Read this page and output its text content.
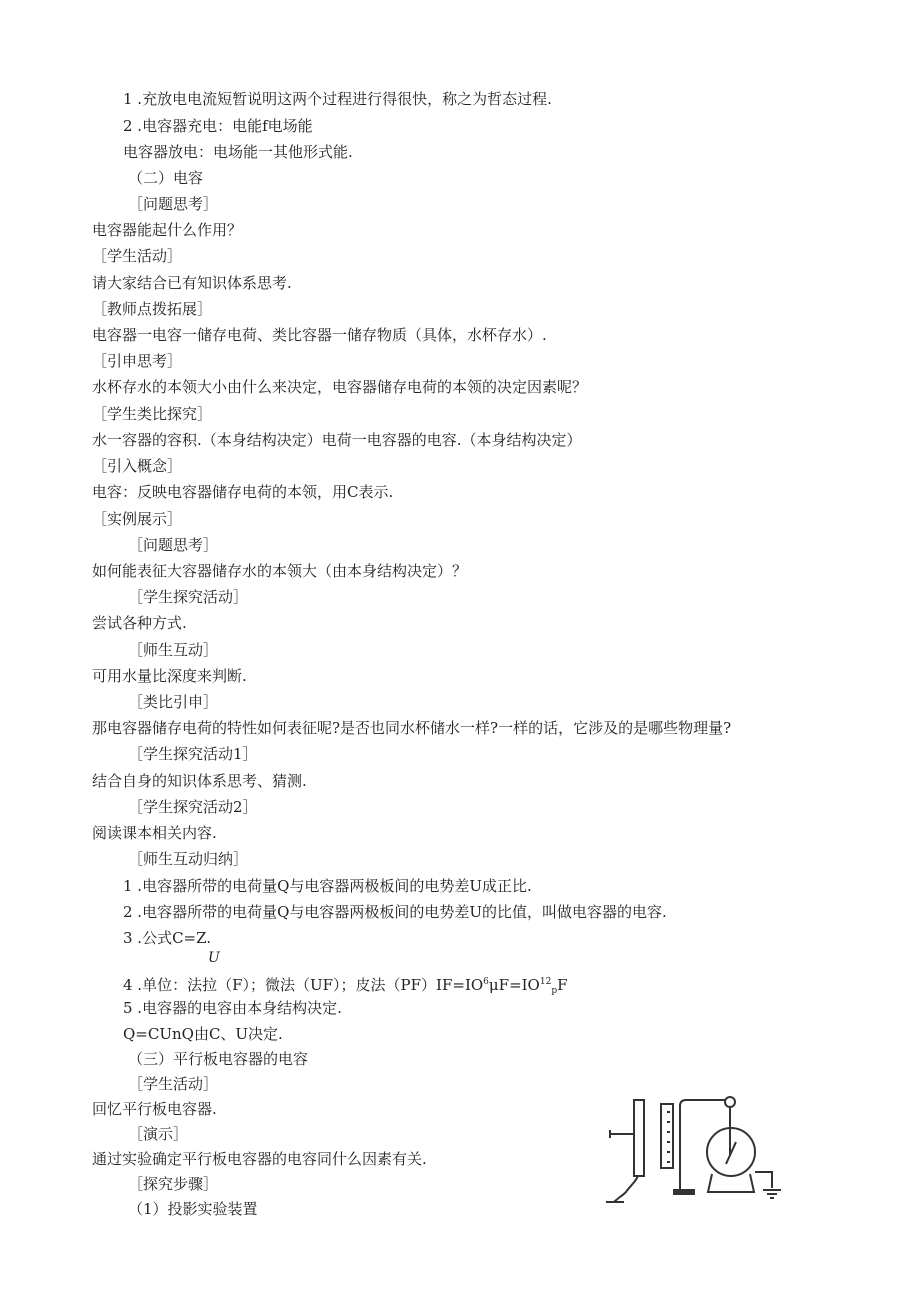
1 .充放电电流短暂说明这两个过程进行得很快，称之为哲态过程.
2 .电容器充电：电能f电场能
电容器放电：电场能一其他形式能.
（二）电容
［问题思考］
电容器能起什么作用？
［学生活动］
请大家结合已有知识体系思考.
［教师点拨拓展］
电容器一电容一储存电荷、类比容器一储存物质（具体，水杯存水）.
［引申思考］
水杯存水的本领大小由什么来决定，电容器储存电荷的本领的决定因素呢？
［学生类比探究］
水一容器的容积.（本身结构决定）电荷一电容器的电容.（本身结构决定）
［引入概念］
电容：反映电容器储存电荷的本领，用C表示.
［实例展示］
［问题思考］
如何能表征大容器储存水的本领大（由本身结构决定）？
［学生探究活动］
尝试各种方式.
［师生互动］
可用水量比深度来判断.
［类比引申］
那电容器储存电荷的特性如何表征呢?是否也同水杯储水一样?一样的话，它涉及的是哪些物理量?
［学生探究活动1］
结合自身的知识体系思考、猜测.
［学生探究活动2］
阅读课本相关内容.
［师生互动归纳］
1 .电容器所带的电荷量Q与电容器两极板间的电势差U成正比.
2 .电容器所带的电荷量Q与电容器两极板间的电势差U的比值，叫做电容器的电容.
3 .公式C=Z.
U
4 .单位：法拉（F）；微法（UF）；皮法$(PF)IF=IO^6\mu F=IO^{12}_pF$
5 .电容器的电容由本身结构决定.
Q=CUnQ由C、U决定.
（三）平行板电容器的电容
［学生活动］
回忆平行板电容器.
［演示］
通过实验确定平行板电容器的电容同什么因素有关.
［探究步骤］
（1）投影实验装置
